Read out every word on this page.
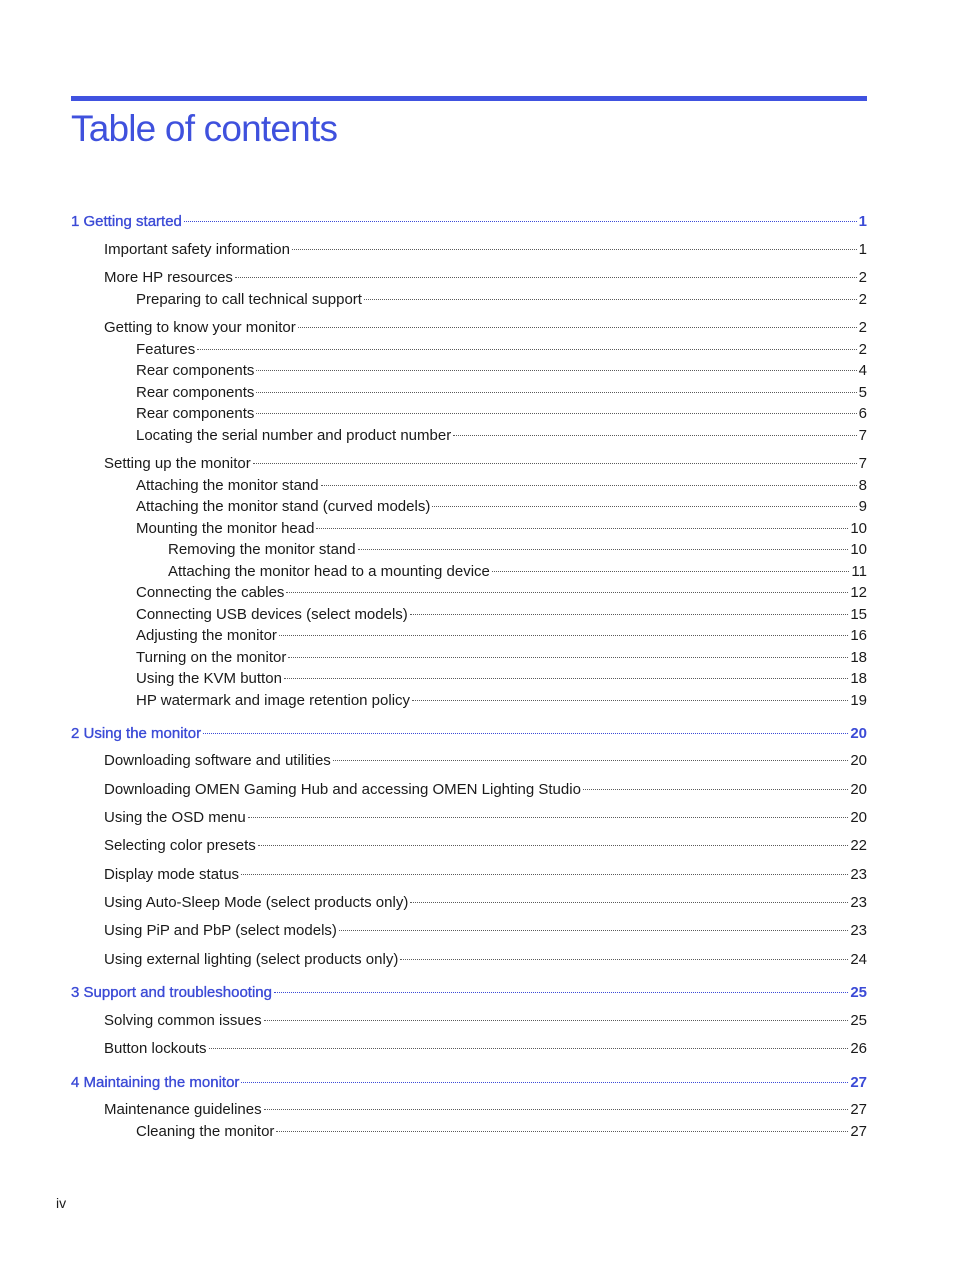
Table of contents
1 Getting started	1
Important safety information	1
More HP resources	2
Preparing to call technical support	2
Getting to know your monitor	2
Features	2
Rear components	4
Rear components	5
Rear components	6
Locating the serial number and product number	7
Setting up the monitor	7
Attaching the monitor stand	8
Attaching the monitor stand (curved models)	9
Mounting the monitor head	10
Removing the monitor stand	10
Attaching the monitor head to a mounting device	11
Connecting the cables	12
Connecting USB devices (select models)	15
Adjusting the monitor	16
Turning on the monitor	18
Using the KVM button	18
HP watermark and image retention policy	19
2 Using the monitor	20
Downloading software and utilities	20
Downloading OMEN Gaming Hub and accessing OMEN Lighting Studio	20
Using the OSD menu	20
Selecting color presets	22
Display mode status	23
Using Auto-Sleep Mode (select products only)	23
Using PiP and PbP (select models)	23
Using external lighting (select products only)	24
3 Support and troubleshooting	25
Solving common issues	25
Button lockouts	26
4 Maintaining the monitor	27
Maintenance guidelines	27
Cleaning the monitor	27
iv
